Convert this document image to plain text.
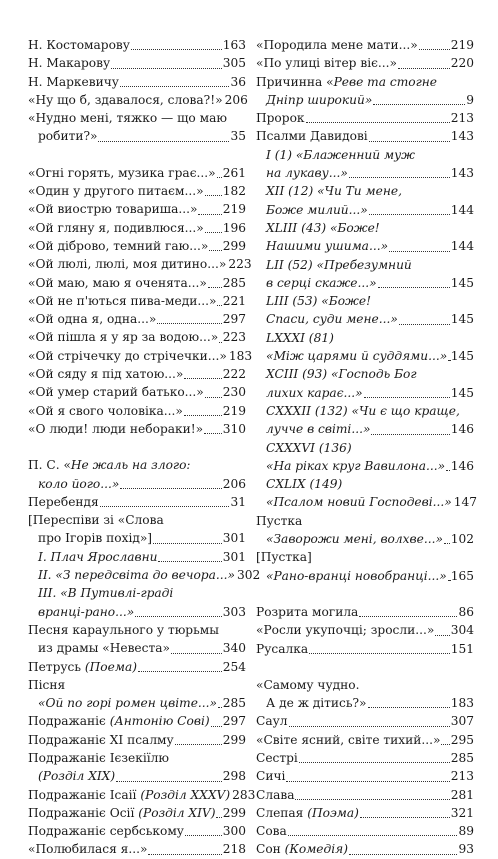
Н. Костомарову	163
Н. Макарову	305
Н. Маркевичу	36
«Ну що б, здавалося, слова?!» 206
«Нудно мені, тяжко — що маю
робити?»	35
«Огні горять, музика грає...» 261
«Один у другого питаєм...» 182
«Ой виострю товариша...» 219
«Ой гляну я, подивлюся...» 196
«Ой діброво, темний гаю...» 299
«Ой люлі, люлі, моя дитино...» 223
«Ой маю, маю я оченята...» 285
«Ой не п'ються пива-меди...» 221
«Ой одна я, одна...»	297
«Ой пішла я у яр за водою...» 223
«Ой стрічечку до стрічечки...» 183
«Ой сяду я під хатою...»	222
«Ой умер старий батько...» 230
«Ой я свого чоловіка...»	219
«О люди! люди небораки!» 310
П. С. «Не жаль на злого:
коло його...»	206
Перебендя	31
[Переспіви зі «Слова
про Ігорів похід»]	301
I. Плач Ярославни	301
II. «З передсвіта до вечора...» 302
III. «В Путивлі-граді
вранці-рано...»	303
Песня караульного у тюрьмы
из драмы «Невеста»	340
Петрусь (Поема)	254
Пісня
«Ой по горі ромен цвіте...» 285
Подражаніє (Антонію Сові) 297
Подражаніє ХІ псалму	299
Подражаніє Ієзекіїлю
(Розділ XIX)	298
Подражаніє Ісаії (Розділ XXXV) 283
Подражаніє Осії (Розділ XIV) 299
Подражаніє сербському	300
«Полюбилася я...»	218
«Породила мене мати...»	219
«По улиці вітер віє...»	220
Причинна «Реве та стогне
Дніпр широкий»	9
Пророк	213
Псалми Давидові	143
I (1) «Блаженний муж
на лукаву...»	143
XII (12) «Чи Ти мене,
Боже милий...»	144
XLIII (43) «Боже!
Нашими ушима...»	144
LII (52) «Пребезумний
в серці скаже...»	145
LIII (53) «Боже!
Спаси, суди мене...»	145
LXXXI (81)
«Між царями й суддями...» 145
XCIII (93) «Господь Бог
лихих карає...»	145
CXXXII (132) «Чи є що краще,
лучче в світі...»	146
CXXXVI (136)
«На ріках круг Вавилона...» 146
CXLIX (149)
«Псалом новий Господеві...» 147
Пустка
«Заворожи мені, волхве...» 102
[Пустка]
«Рано-вранці новобранці...» 165
Розрита могила	86
«Росли укупочці; зросли...» 304
Русалка	151
«Самому чудно.
А де ж дітись?»	183
Саул	307
«Світе ясний, світе тихий...» 295
Сестрі	285
Сичі	213
Слава	281
Слепая (Поэма)	321
Сова	89
Сон (Комедія)	93
